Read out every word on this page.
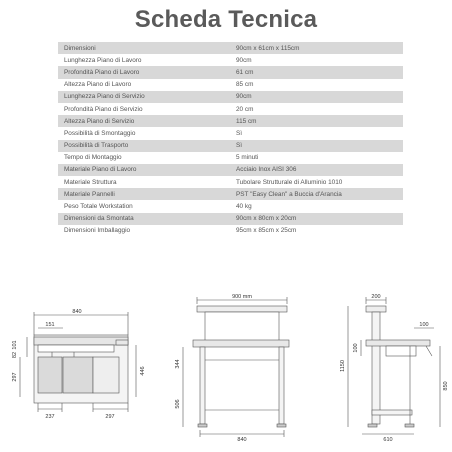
Scheda Tecnica
Dimensioni	90cm x 61cm x 115cm
Lunghezza Piano di Lavoro	90cm
Profondità Piano di Lavoro	61 cm
Altezza Piano di Lavoro	85 cm
Lunghezza Piano di Servizio	90cm
Profondità Piano di Servizio	20 cm
Altezza Piano di Servizio	115 cm
Possibilità di Smontaggio	Sì
Possibilità di Trasporto	Sì
Tempo di Montaggio	5 minuti
Materiale Piano di Lavoro	Acciaio Inox AISI 306
Materiale Struttura	Tubolare Strutturale di Alluminio 1010
Materiale Pannelli	PST "Easy Clean" a Buccia d'Arancia
Peso Totale Workstation	40 kg
Dimensioni da Smontata	90cm x 80cm x 20cm
Dimensioni Imballaggio	95cm x 85cm x 25cm
840
151
101
82
297
446
237	297
900 mm
344
506
840
200
100
100
1150
850
610
